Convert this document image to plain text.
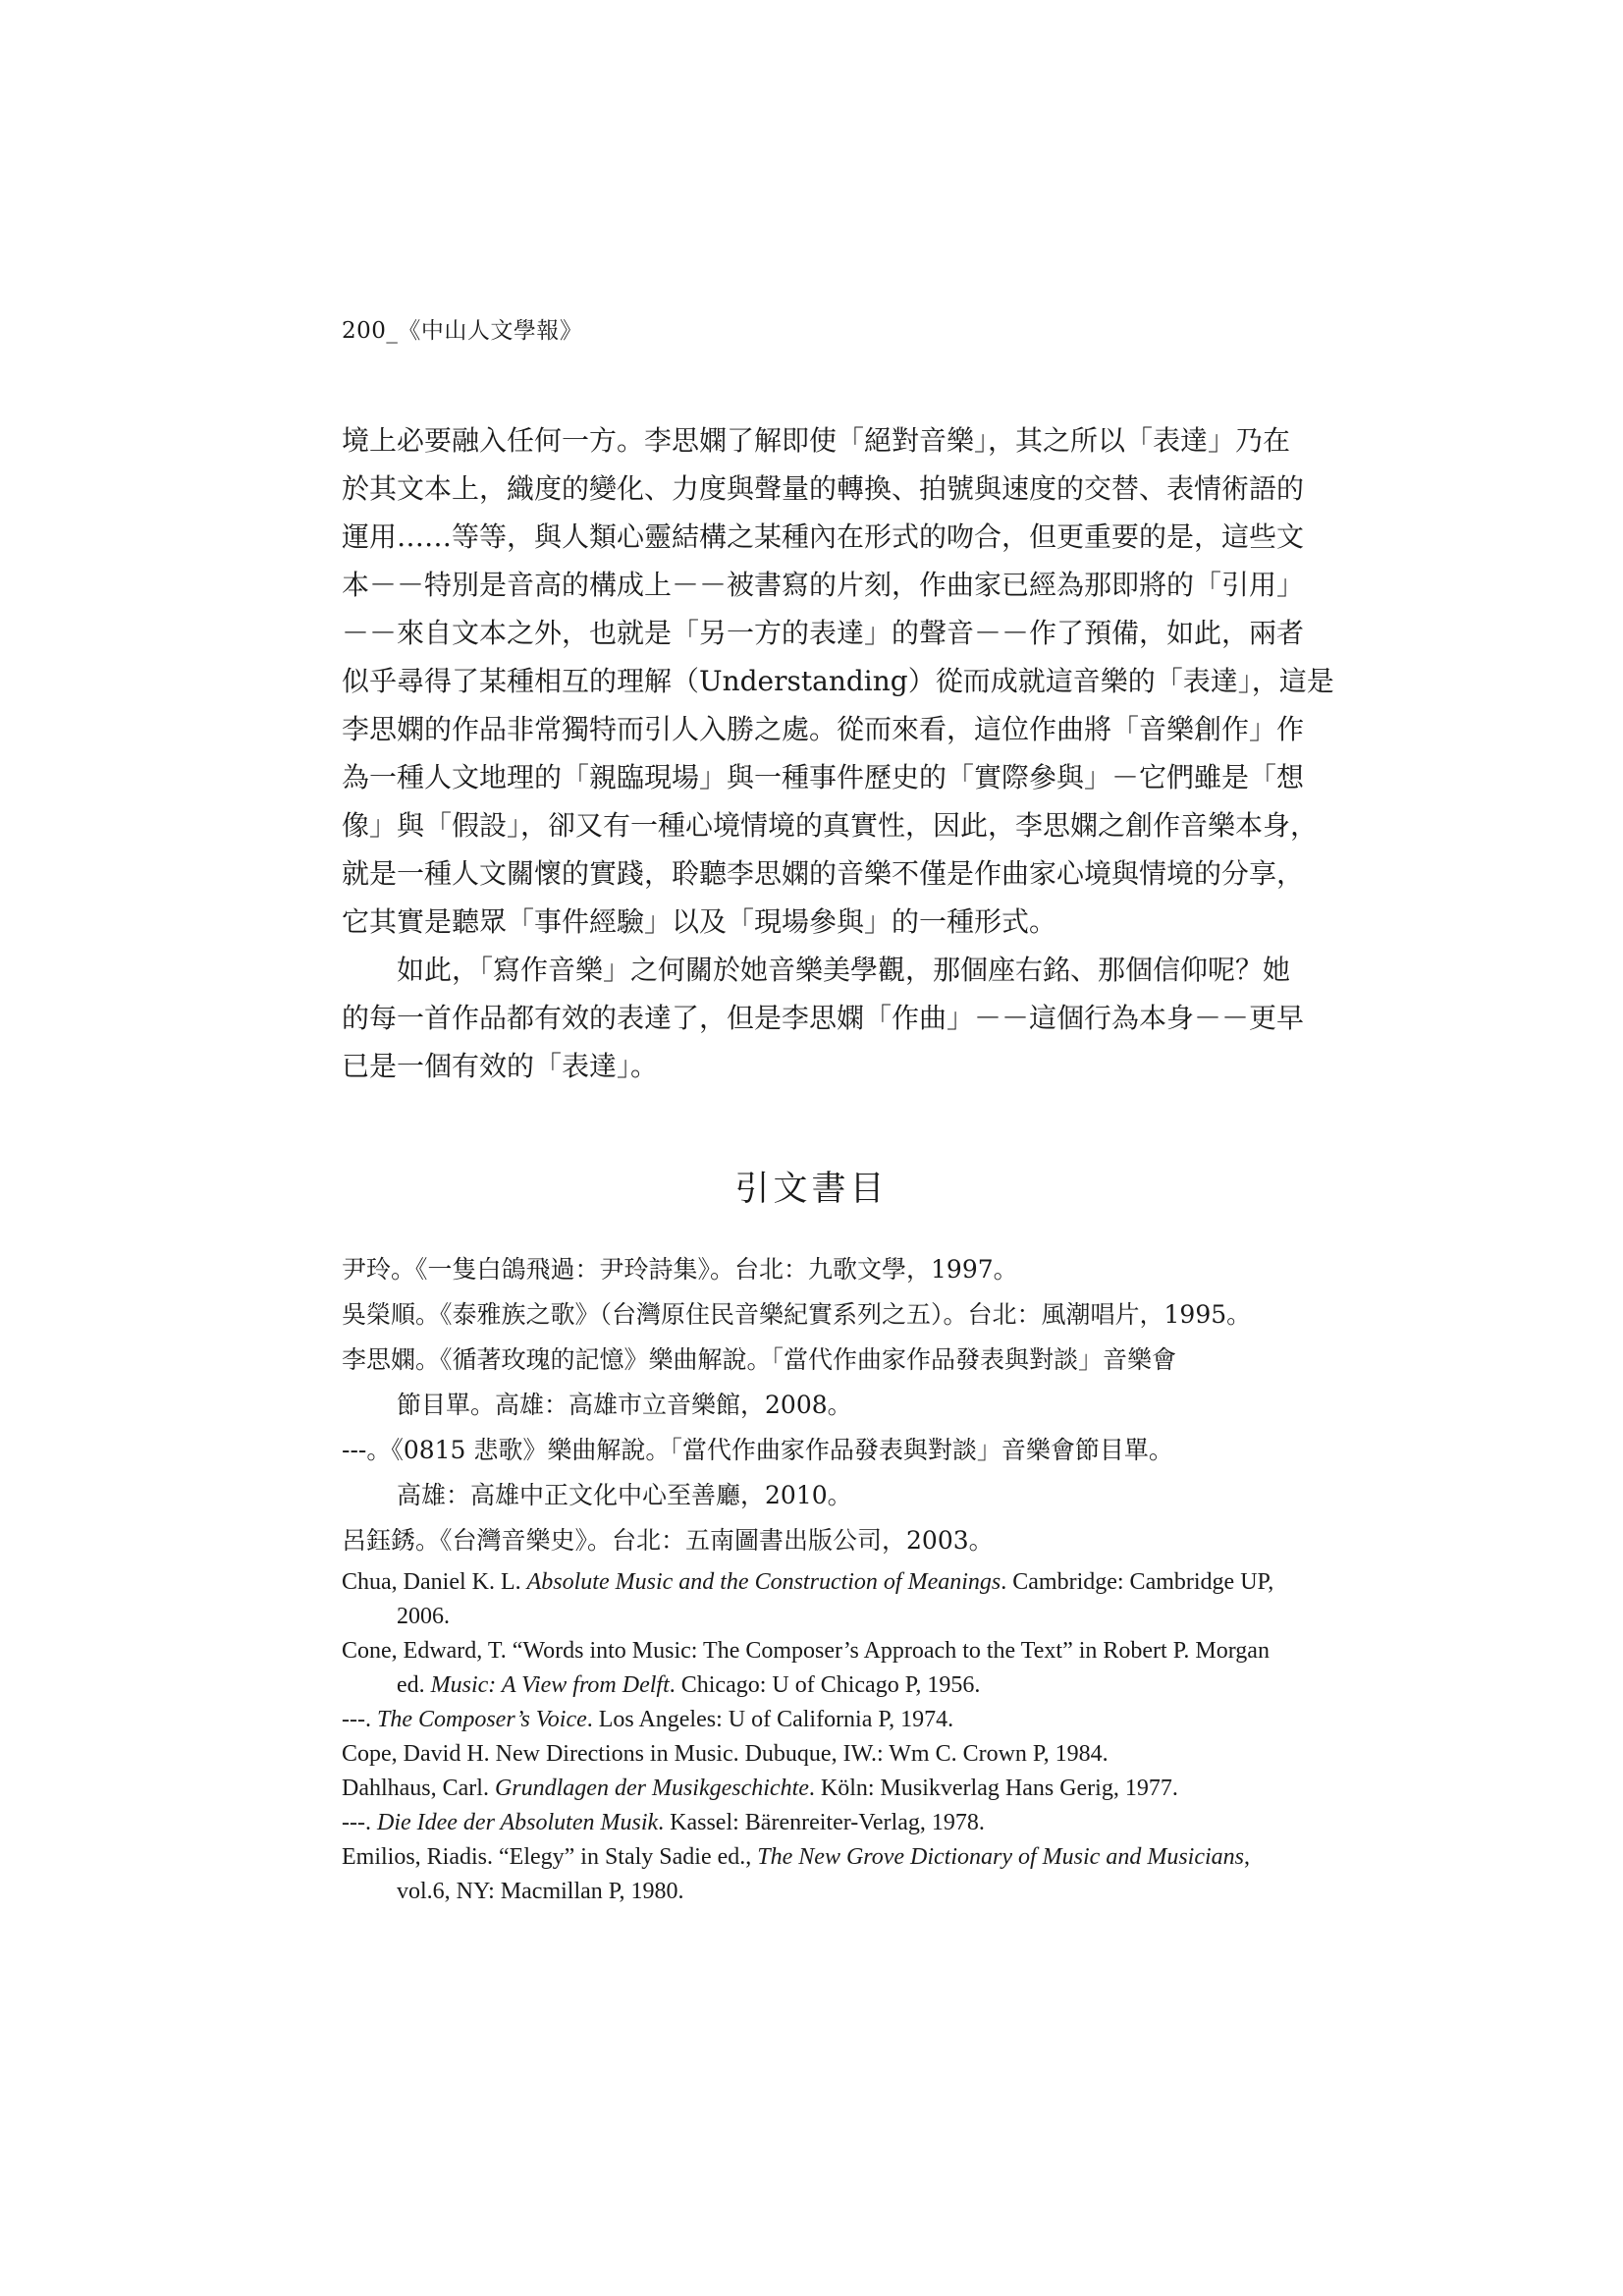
200_《中山人文學報》
境上必要融入任何一方。李思嫻了解即使「絕對音樂」，其之所以「表達」乃在
於其文本上，織度的變化、力度與聲量的轉換、拍號與速度的交替、表情術語的
運用……等等，與人類心靈結構之某種內在形式的吻合，但更重要的是，這些文
本－－特別是音高的構成上－－被書寫的片刻，作曲家已經為那即將的「引用」
－－來自文本之外，也就是「另一方的表達」的聲音－－作了預備，如此，兩者
似乎尋得了某種相互的理解（Understanding）從而成就這音樂的「表達」，這是
李思嫻的作品非常獨特而引人入勝之處。從而來看，這位作曲將「音樂創作」作
為一種人文地理的「親臨現場」與一種事件歷史的「實際參與」－它們雖是「想
像」與「假設」，卻又有一種心境情境的真實性，因此，李思嫻之創作音樂本身，
就是一種人文關懷的實踐，聆聽李思嫻的音樂不僅是作曲家心境與情境的分享，
它其實是聽眾「事件經驗」以及「現場參與」的一種形式。
如此，「寫作音樂」之何關於她音樂美學觀，那個座右銘、那個信仰呢？她
的每一首作品都有效的表達了，但是李思嫻「作曲」－－這個行為本身－－更早
已是一個有效的「表達」。
引文書目
尹玲。《一隻白鴿飛過：尹玲詩集》。台北：九歌文學，1997。
吳榮順。《泰雅族之歌》（台灣原住民音樂紀實系列之五）。台北：風潮唱片，1995。
李思嫻。《循著玫瑰的記憶》樂曲解說。「當代作曲家作品發表與對談」音樂會
節目單。高雄：高雄市立音樂館，2008。
---。《0815 悲歌》樂曲解說。「當代作曲家作品發表與對談」音樂會節目單。
高雄：高雄中正文化中心至善廳，2010。
呂鈺銹。《台灣音樂史》。台北：五南圖書出版公司，2003。

Chua, Daniel K. L. Absolute Music and the Construction of Meanings. Cambridge: Cambridge UP, 2006.

Cone, Edward, T. “Words into Music: The Composer’s Approach to the Text” in Robert P. Morgan ed. Music: A View from Delft. Chicago: U of Chicago P, 1956.

---. The Composer’s Voice. Los Angeles: U of California P, 1974.

Cope, David H. New Directions in Music. Dubuque, IW.: Wm C. Crown P, 1984.

Dahlhaus, Carl. Grundlagen der Musikgeschichte. Köln: Musikverlag Hans Gerig, 1977.

---. Die Idee der Absoluten Musik. Kassel: Bärenreiter-Verlag, 1978.

Emilios, Riadis. “Elegy” in Staly Sadie ed., The New Grove Dictionary of Music and Musicians, vol.6, NY: Macmillan P, 1980.
